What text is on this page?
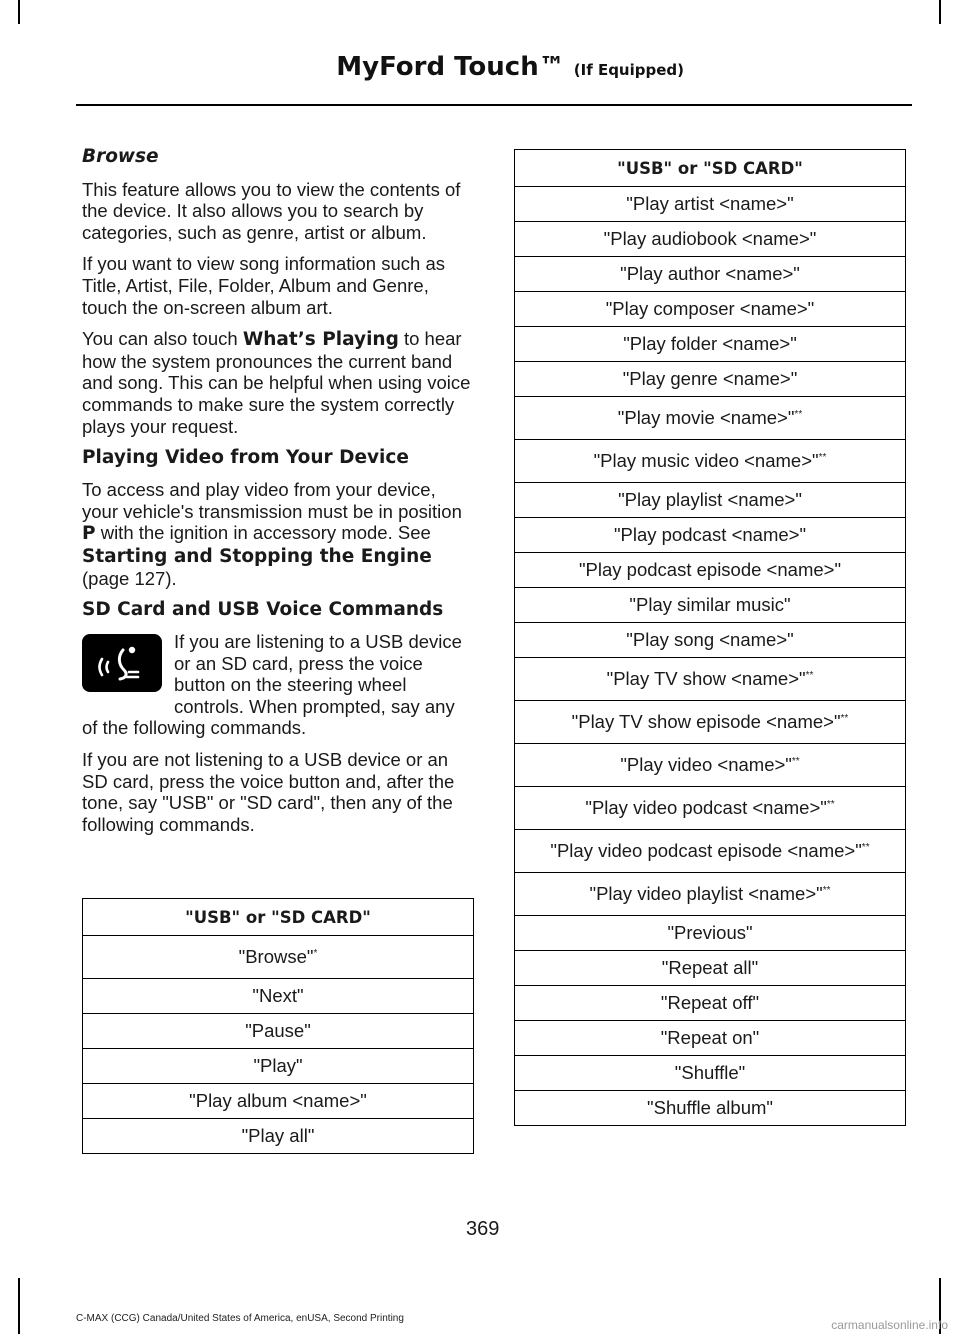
MyFord Touch™ (If Equipped)

Browse

This feature allows you to view the contents of the device. It also allows you to search by categories, such as genre, artist or album.

If you want to view song information such as Title, Artist, File, Folder, Album and Genre, touch the on-screen album art.

You can also touch What’s Playing to hear how the system pronounces the current band and song. This can be helpful when using voice commands to make sure the system correctly plays your request.

Playing Video from Your Device

To access and play video from your device, your vehicle's transmission must be in position P with the ignition in accessory mode. See Starting and Stopping the Engine (page 127).

SD Card and USB Voice Commands

If you are listening to a USB device or an SD card, press the voice button on the steering wheel controls. When prompted, say any of the following commands.

If you are not listening to a USB device or an SD card, press the voice button and, after the tone, say "USB" or "SD card", then any of the following commands.

"USB" or "SD CARD"
"Browse"*
"Next"
"Pause"
"Play"
"Play album <name>"
"Play all"
"USB" or "SD CARD"
"Play artist <name>"
"Play audiobook <name>"
"Play author <name>"
"Play composer <name>"
"Play folder <name>"
"Play genre <name>"
"Play movie <name>"**
"Play music video <name>"**
"Play playlist <name>"
"Play podcast <name>"
"Play podcast episode <name>"
"Play similar music"
"Play song <name>"
"Play TV show <name>"**
"Play TV show episode <name>"**
"Play video <name>"**
"Play video podcast <name>"**
"Play video podcast episode <name>"**
"Play video playlist <name>"**
"Previous"
"Repeat all"
"Repeat off"
"Repeat on"
"Shuffle"
"Shuffle album"
369
C-MAX (CCG) Canada/United States of America, enUSA, Second Printing	carmanualsonline.info
